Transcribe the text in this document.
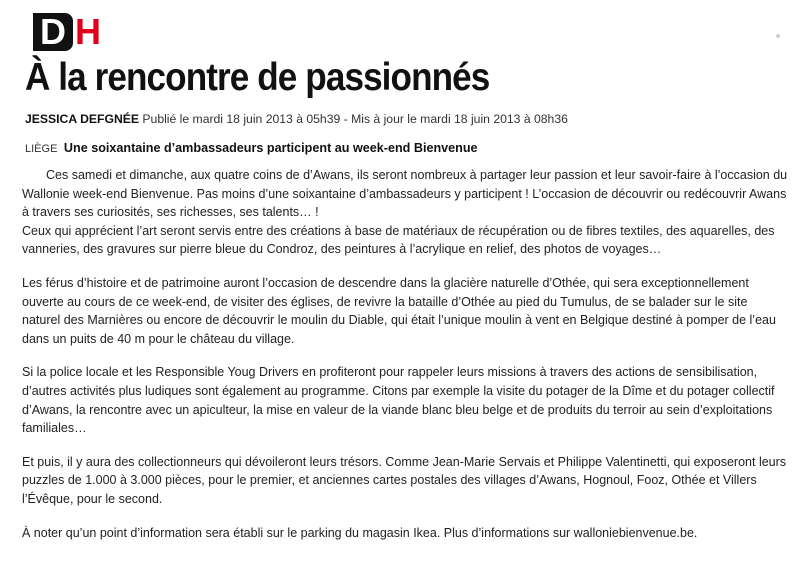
D H
À la rencontre de passionnés
JESSICA DEFGNÉE Publié le mardi 18 juin 2013 à 05h39 - Mis à jour le mardi 18 juin 2013 à 08h36
LIÈGE Une soixantaine d’ambassadeurs participent au week-end Bienvenue

Ces samedi et dimanche, aux quatre coins de d’Awans, ils seront nombreux à partager leur passion et leur savoir-faire à l’occasion du Wallonie week-end Bienvenue. Pas moins d’une soixantaine d’ambassadeurs y participent ! L’occasion de découvrir ou redécouvrir Awans à travers ses curiosités, ses richesses, ses talents… !

Ceux qui apprécient l’art seront servis entre des créations à base de matériaux de récupération ou de fibres textiles, des aquarelles, des vanneries, des gravures sur pierre bleue du Condroz, des peintures à l’acrylique en relief, des photos de voyages…

Les férus d’histoire et de patrimoine auront l’occasion de descendre dans la glacière naturelle d’Othée, qui sera exceptionnellement ouverte au cours de ce week-end, de visiter des églises, de revivre la bataille d’Othée au pied du Tumulus, de se balader sur le site naturel des Marnières ou encore de découvrir le moulin du Diable, qui était l’unique moulin à vent en Belgique destiné à pomper de l’eau dans un puits de 40 m pour le château du village.

Si la police locale et les Responsible Youg Drivers en profiteront pour rappeler leurs missions à travers des actions de sensibilisation, d’autres activités plus ludiques sont également au programme. Citons par exemple la visite du potager de la Dîme et du potager collectif d’Awans, la rencontre avec un apiculteur, la mise en valeur de la viande blanc bleu belge et de produits du terroir au sein d’exploitations familiales…

Et puis, il y aura des collectionneurs qui dévoileront leurs trésors. Comme Jean-Marie Servais et Philippe Valentinetti, qui exposeront leurs puzzles de 1.000 à 3.000 pièces, pour le premier, et anciennes cartes postales des villages d’Awans, Hognoul, Fooz, Othée et Villers l’Évêque, pour le second.

À noter qu’un point d’information sera établi sur le parking du magasin Ikea. Plus d’informations sur walloniebienvenue.be.
